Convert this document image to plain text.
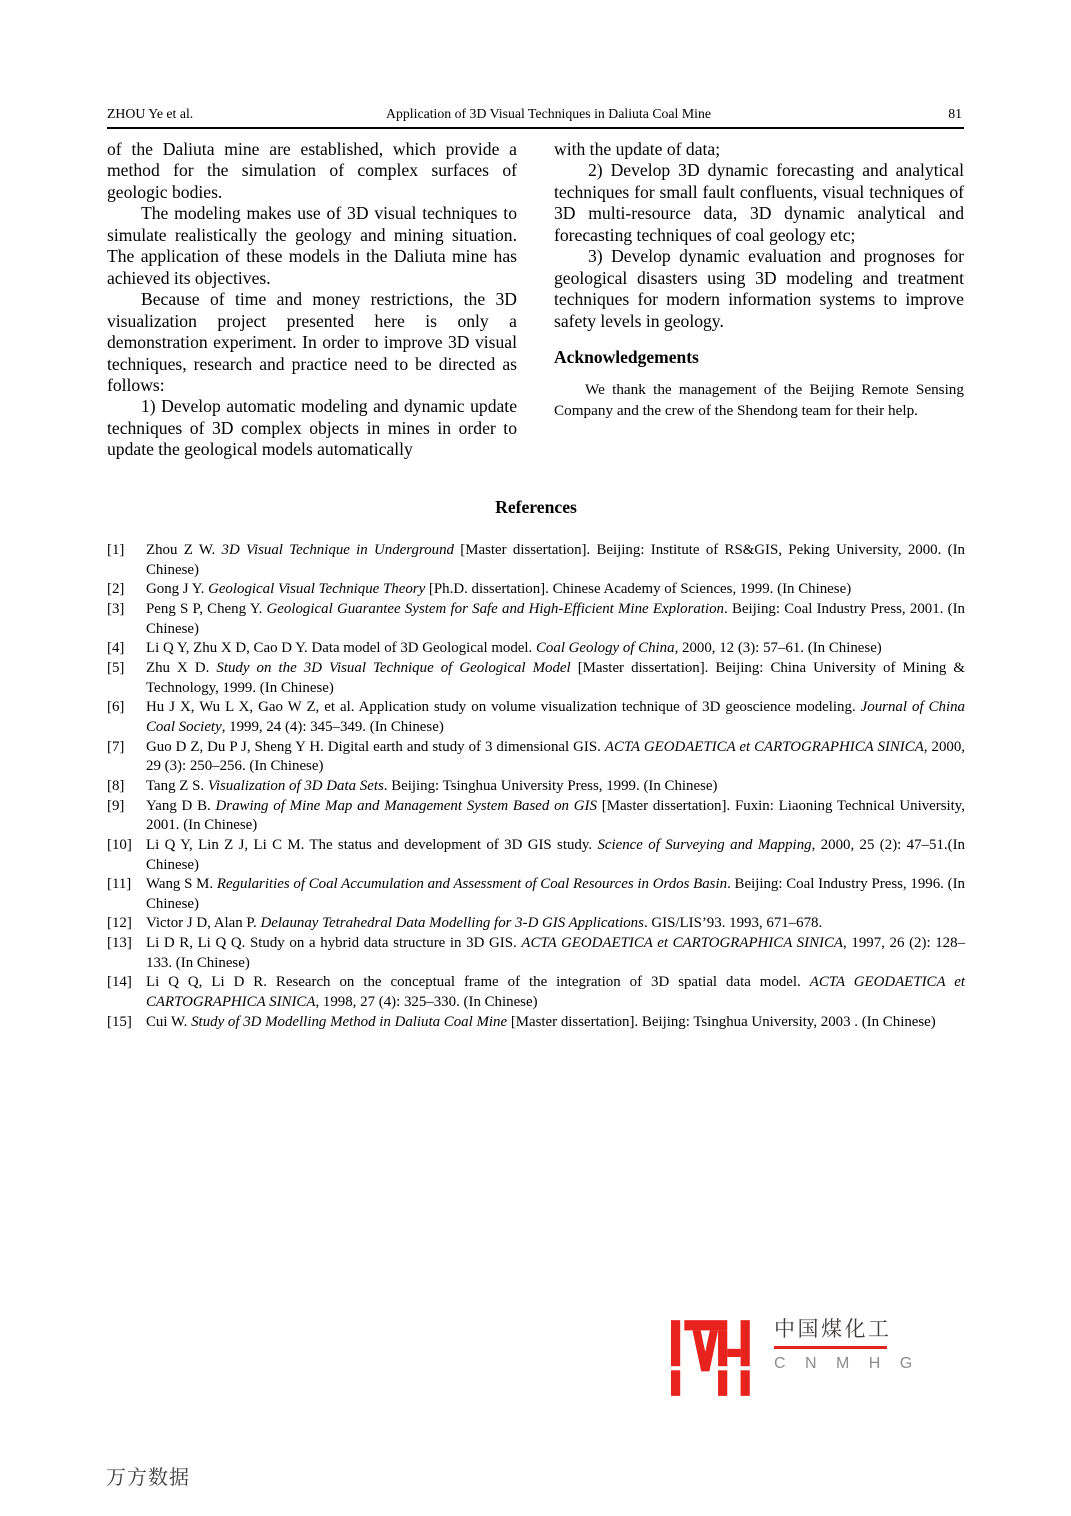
ZHOU Ye et al.	Application of 3D Visual Techniques in Daliuta Coal Mine	81

of the Daliuta mine are established, which provide a method for the simulation of complex surfaces of geologic bodies.

The modeling makes use of 3D visual techniques to simulate realistically the geology and mining situation. The application of these models in the Daliuta mine has achieved its objectives.

Because of time and money restrictions, the 3D visualization project presented here is only a demonstration experiment. In order to improve 3D visual techniques, research and practice need to be directed as follows:

1) Develop automatic modeling and dynamic update techniques of 3D complex objects in mines in order to update the geological models automatically

with the update of data;

2) Develop 3D dynamic forecasting and analytical techniques for small fault confluents, visual techniques of 3D multi-resource data, 3D dynamic analytical and forecasting techniques of coal geology etc;

3) Develop dynamic evaluation and prognoses for geological disasters using 3D modeling and treatment techniques for modern information systems to improve safety levels in geology.

Acknowledgements

We thank the management of the Beijing Remote Sensing Company and the crew of the Shendong team for their help.

References
[1] Zhou Z W. 3D Visual Technique in Underground [Master dissertation]. Beijing: Institute of RS&GIS, Peking University, 2000. (In Chinese)
[2] Gong J Y. Geological Visual Technique Theory [Ph.D. dissertation]. Chinese Academy of Sciences, 1999. (In Chinese)
[3] Peng S P, Cheng Y. Geological Guarantee System for Safe and High-Efficient Mine Exploration. Beijing: Coal Industry Press, 2001. (In Chinese)
[4] Li Q Y, Zhu X D, Cao D Y. Data model of 3D Geological model. Coal Geology of China, 2000, 12 (3): 57–61. (In Chinese)
[5] Zhu X D. Study on the 3D Visual Technique of Geological Model [Master dissertation]. Beijing: China University of Mining & Technology, 1999. (In Chinese)
[6] Hu J X, Wu L X, Gao W Z, et al. Application study on volume visualization technique of 3D geoscience modeling. Journal of China Coal Society, 1999, 24 (4): 345–349. (In Chinese)
[7] Guo D Z, Du P J, Sheng Y H. Digital earth and study of 3 dimensional GIS. ACTA GEODAETICA et CARTOGRAPHICA SINICA, 2000, 29 (3): 250–256. (In Chinese)
[8] Tang Z S. Visualization of 3D Data Sets. Beijing: Tsinghua University Press, 1999. (In Chinese)
[9] Yang D B. Drawing of Mine Map and Management System Based on GIS [Master dissertation]. Fuxin: Liaoning Technical University, 2001. (In Chinese)
[10] Li Q Y, Lin Z J, Li C M. The status and development of 3D GIS study. Science of Surveying and Mapping, 2000, 25 (2): 47–51.(In Chinese)
[11] Wang S M. Regularities of Coal Accumulation and Assessment of Coal Resources in Ordos Basin. Beijing: Coal Industry Press, 1996. (In Chinese)
[12] Victor J D, Alan P. Delaunay Tetrahedral Data Modelling for 3-D GIS Applications. GIS/LIS’93. 1993, 671–678.
[13] Li D R, Li Q Q. Study on a hybrid data structure in 3D GIS. ACTA GEODAETICA et CARTOGRAPHICA SINICA, 1997, 26 (2): 128–133. (In Chinese)
[14] Li Q Q, Li D R. Research on the conceptual frame of the integration of 3D spatial data model. ACTA GEODAETICA et CARTOGRAPHICA SINICA, 1998, 27 (4): 325–330. (In Chinese)
[15] Cui W. Study of 3D Modelling Method in Daliuta Coal Mine [Master dissertation]. Beijing: Tsinghua University, 2003 . (In Chinese)
中国煤化工
C N M H G
万方数据
